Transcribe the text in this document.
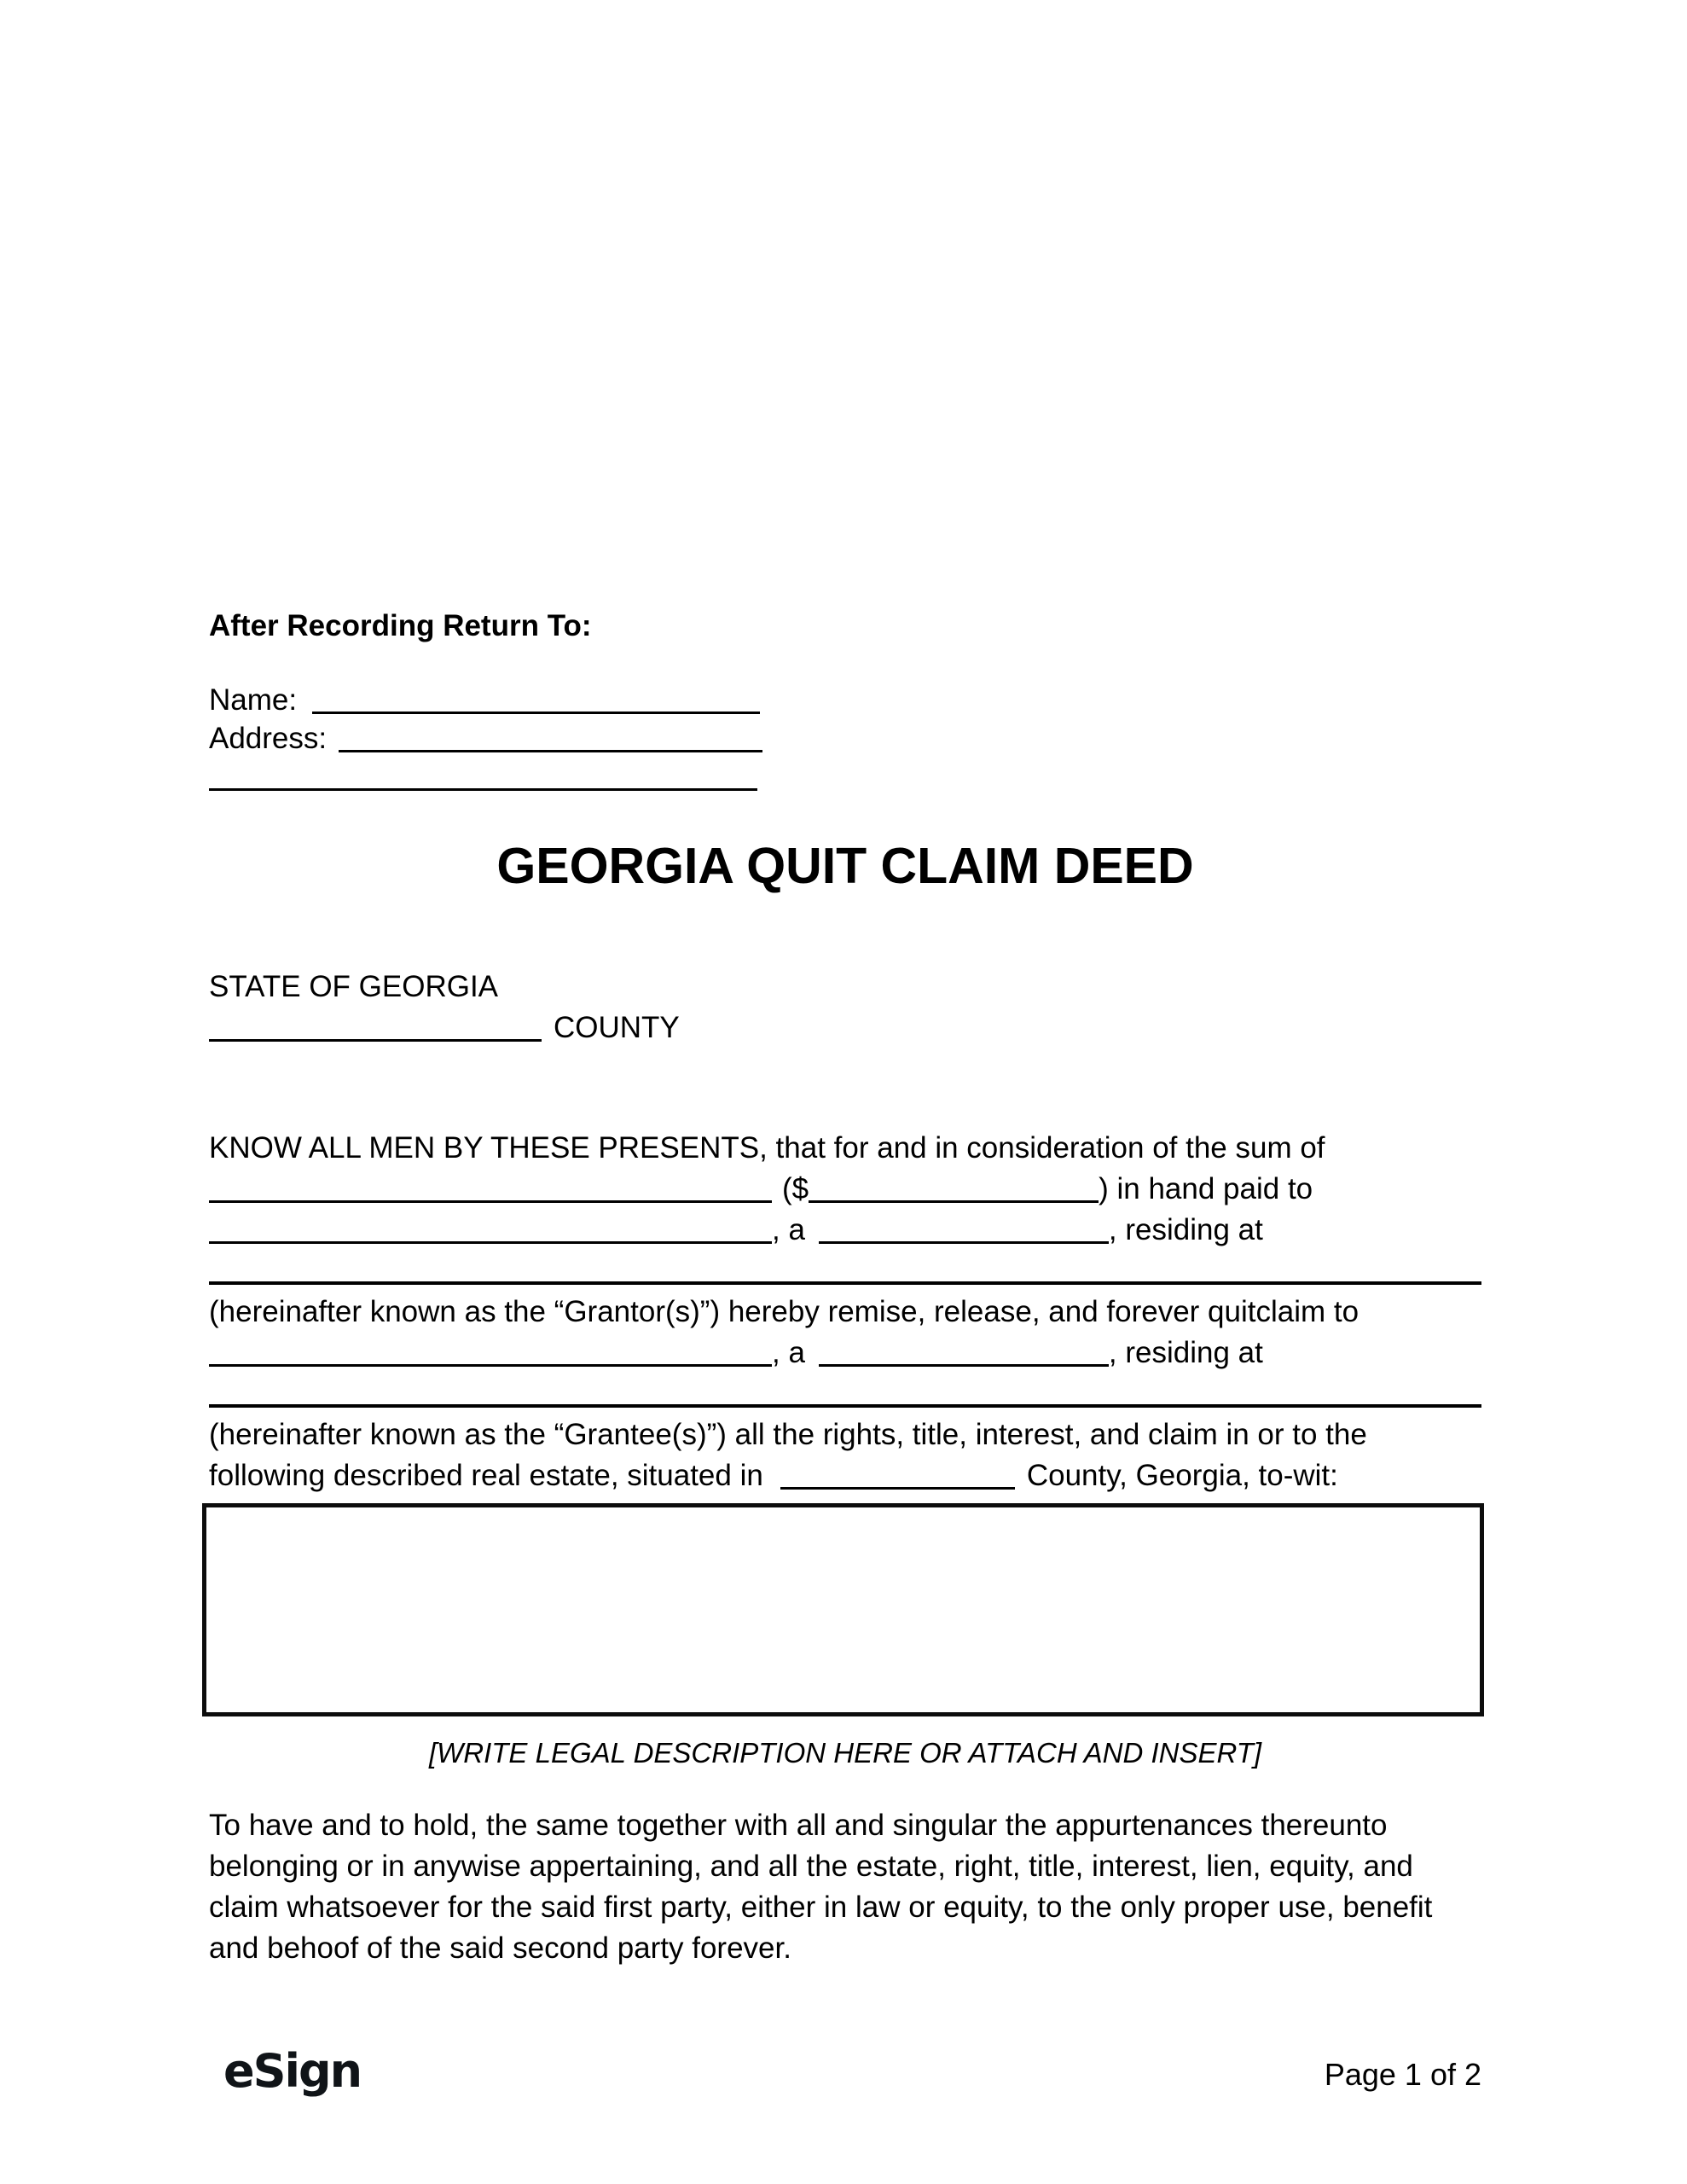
After Recording Return To:
Name:
Address:
GEORGIA QUIT CLAIM DEED
STATE OF GEORGIA
COUNTY
KNOW ALL MEN BY THESE PRESENTS, that for and in consideration of the sum of
($	) in hand paid to
, a	, residing at
(hereinafter known as the “Grantor(s)”) hereby remise, release, and forever quitclaim to
, a	, residing at
(hereinafter known as the “Grantee(s)”) all the rights, title, interest, and claim in or to the
following described real estate, situated in	County, Georgia, to-wit:
[WRITE LEGAL DESCRIPTION HERE OR ATTACH AND INSERT]
To have and to hold, the same together with all and singular the appurtenances thereunto belonging or in anywise appertaining, and all the estate, right, title, interest, lien, equity, and claim whatsoever for the said first party, either in law or equity, to the only proper use, benefit and behoof of the said second party forever.
eSign	Page 1 of 2
